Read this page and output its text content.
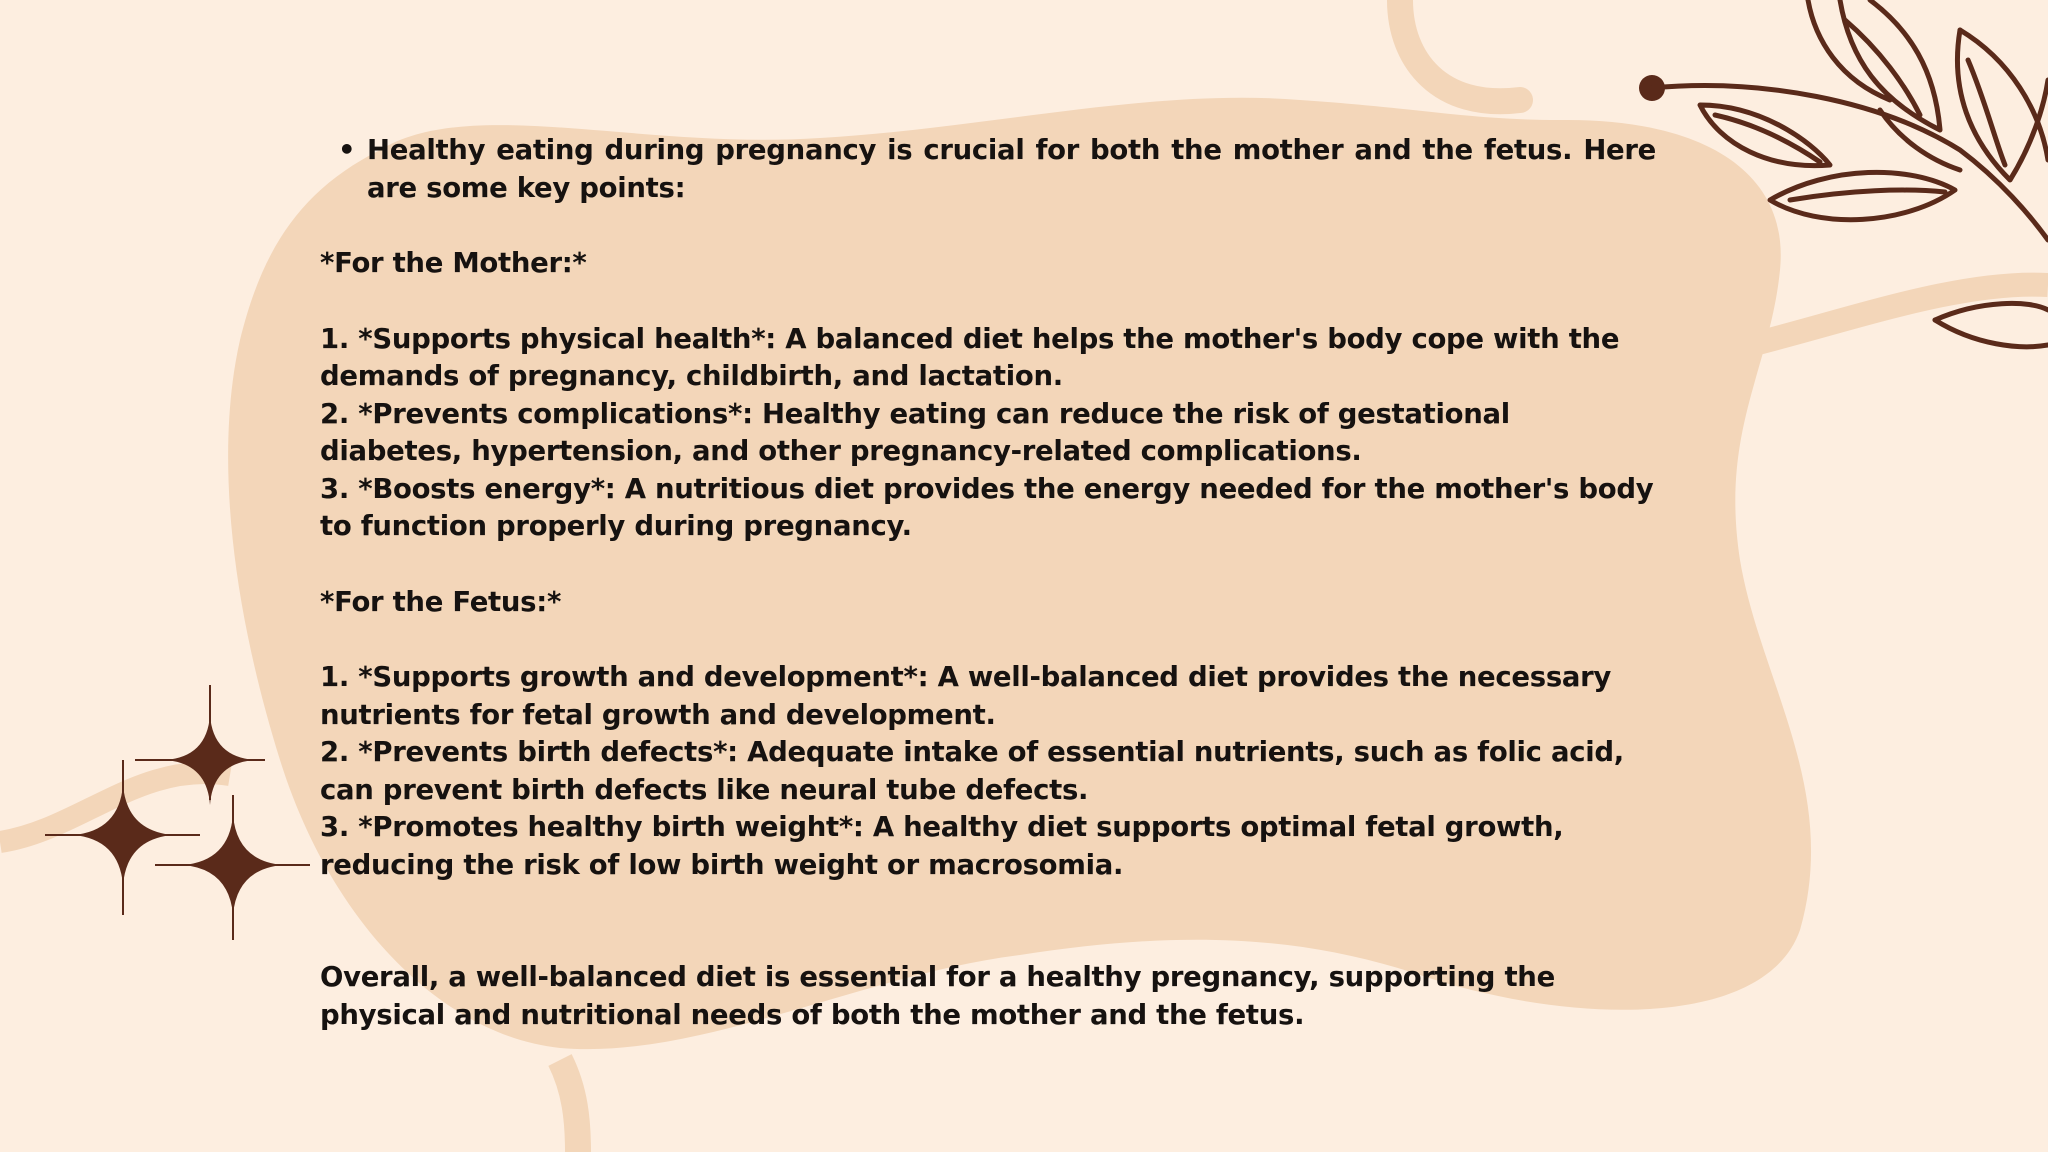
• Healthy eating during pregnancy is crucial for both the mother and the fetus. Here are some key points:
*For the Mother:*

1. *Supports physical health*: A balanced diet helps the mother's body cope with the demands of pregnancy, childbirth, and lactation.

2. *Prevents complications*: Healthy eating can reduce the risk of gestational diabetes, hypertension, and other pregnancy-related complications.

3. *Boosts energy*: A nutritious diet provides the energy needed for the mother's body to function properly during pregnancy.

*For the Fetus:*

1. *Supports growth and development*: A well-balanced diet provides the necessary nutrients for fetal growth and development.

2. *Prevents birth defects*: Adequate intake of essential nutrients, such as folic acid, can prevent birth defects like neural tube defects.

3. *Promotes healthy birth weight*: A healthy diet supports optimal fetal growth, reducing the risk of low birth weight or macrosomia.

Overall, a well-balanced diet is essential for a healthy pregnancy, supporting the physical and nutritional needs of both the mother and the fetus.
